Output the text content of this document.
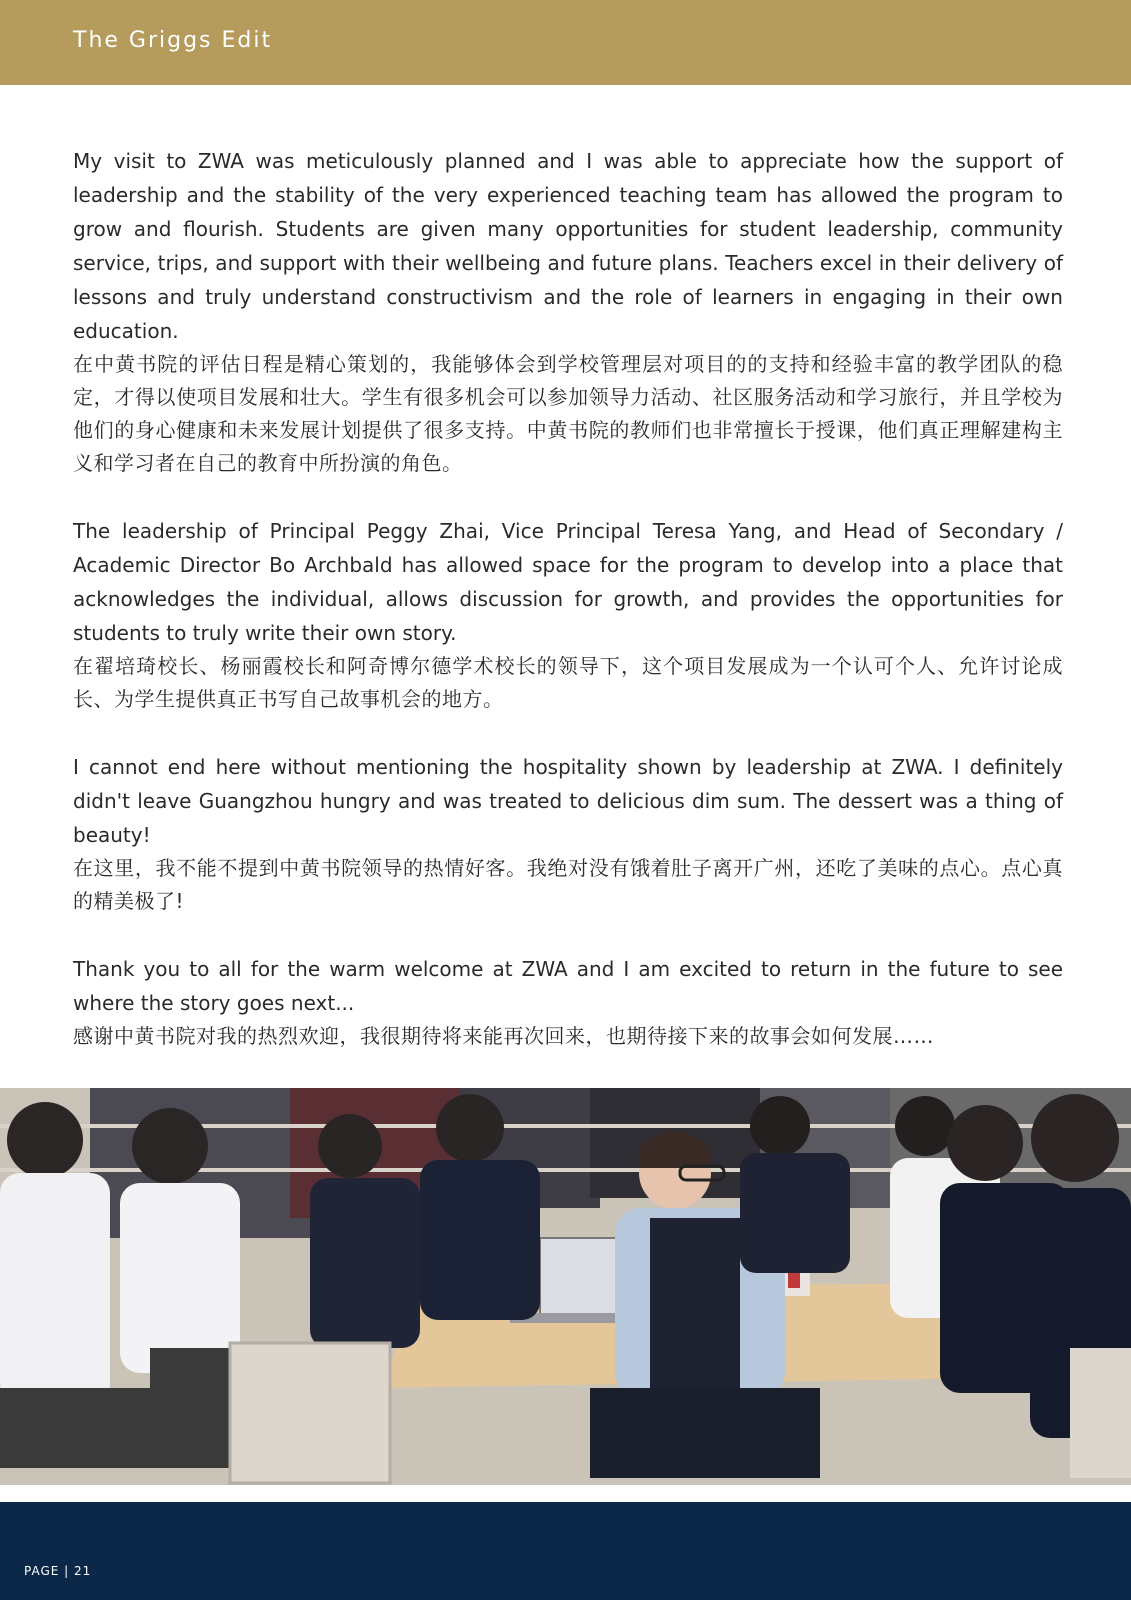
The Griggs Edit

My visit to ZWA was meticulously planned and I was able to appreciate how the support of leadership and the stability of the very experienced teaching team has allowed the program to grow and flourish. Students are given many opportunities for student leadership, community service, trips, and support with their wellbeing and future plans. Teachers excel in their delivery of lessons and truly understand constructivism and the role of learners in engaging in their own education.

在中黄书院的评估日程是精心策划的，我能够体会到学校管理层对项目的的支持和经验丰富的教学团队的稳定，才得以使项目发展和壮大。学生有很多机会可以参加领导力活动、社区服务活动和学习旅行，并且学校为他们的身心健康和未来发展计划提供了很多支持。中黄书院的教师们也非常擅长于授课，他们真正理解建构主义和学习者在自己的教育中所扮演的角色。

The leadership of Principal Peggy Zhai, Vice Principal Teresa Yang, and Head of Secondary / Academic Director Bo Archbald has allowed space for the program to develop into a place that acknowledges the individual, allows discussion for growth, and provides the opportunities for students to truly write their own story.

在翟培琦校长、杨丽霞校长和阿奇博尔德学术校长的领导下，这个项目发展成为一个认可个人、允许讨论成长、为学生提供真正书写自己故事机会的地方。

I cannot end here without mentioning the hospitality shown by leadership at ZWA. I definitely didn't leave Guangzhou hungry and was treated to delicious dim sum. The dessert was a thing of beauty!

在这里，我不能不提到中黄书院领导的热情好客。我绝对没有饿着肚子离开广州，还吃了美味的点心。点心真的精美极了!

Thank you to all for the warm welcome at ZWA and I am excited to return in the future to see where the story goes next...

感谢中黄书院对我的热烈欢迎，我很期待将来能再次回来，也期待接下来的故事会如何发展……

PAGE | 21
